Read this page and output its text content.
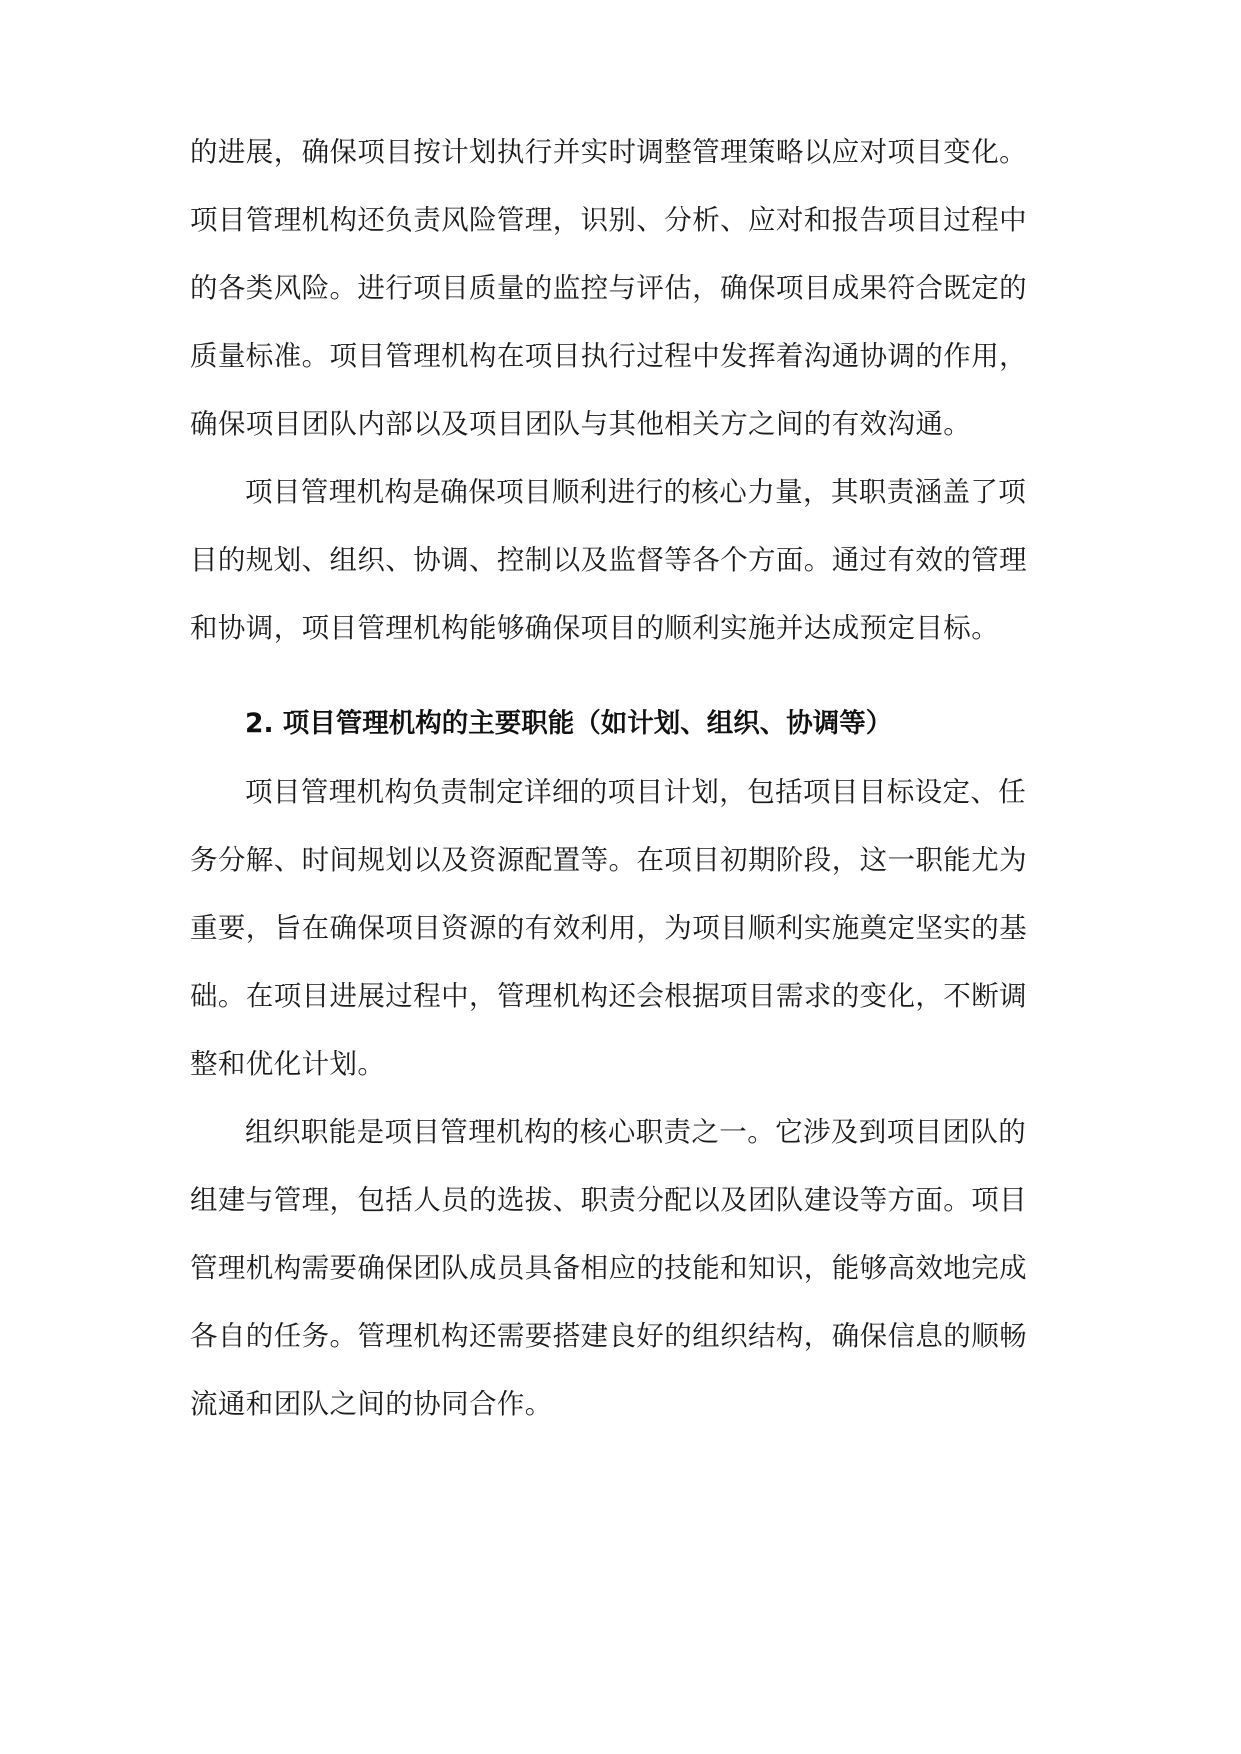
的进展，确保项目按计划执行并实时调整管理策略以应对项目变化。
项目管理机构还负责风险管理，识别、分析、应对和报告项目过程中
的各类风险。进行项目质量的监控与评估，确保项目成果符合既定的
质量标准。项目管理机构在项目执行过程中发挥着沟通协调的作用，
确保项目团队内部以及项目团队与其他相关方之间的有效沟通。
项目管理机构是确保项目顺利进行的核心力量，其职责涵盖了项
目的规划、组织、协调、控制以及监督等各个方面。通过有效的管理
和协调，项目管理机构能够确保项目的顺利实施并达成预定目标。
2. 项目管理机构的主要职能（如计划、组织、协调等）
项目管理机构负责制定详细的项目计划，包括项目目标设定、任
务分解、时间规划以及资源配置等。在项目初期阶段，这一职能尤为
重要，旨在确保项目资源的有效利用，为项目顺利实施奠定坚实的基
础。在项目进展过程中，管理机构还会根据项目需求的变化，不断调
整和优化计划。
组织职能是项目管理机构的核心职责之一。它涉及到项目团队的
组建与管理，包括人员的选拔、职责分配以及团队建设等方面。项目
管理机构需要确保团队成员具备相应的技能和知识，能够高效地完成
各自的任务。管理机构还需要搭建良好的组织结构，确保信息的顺畅
流通和团队之间的协同合作。
